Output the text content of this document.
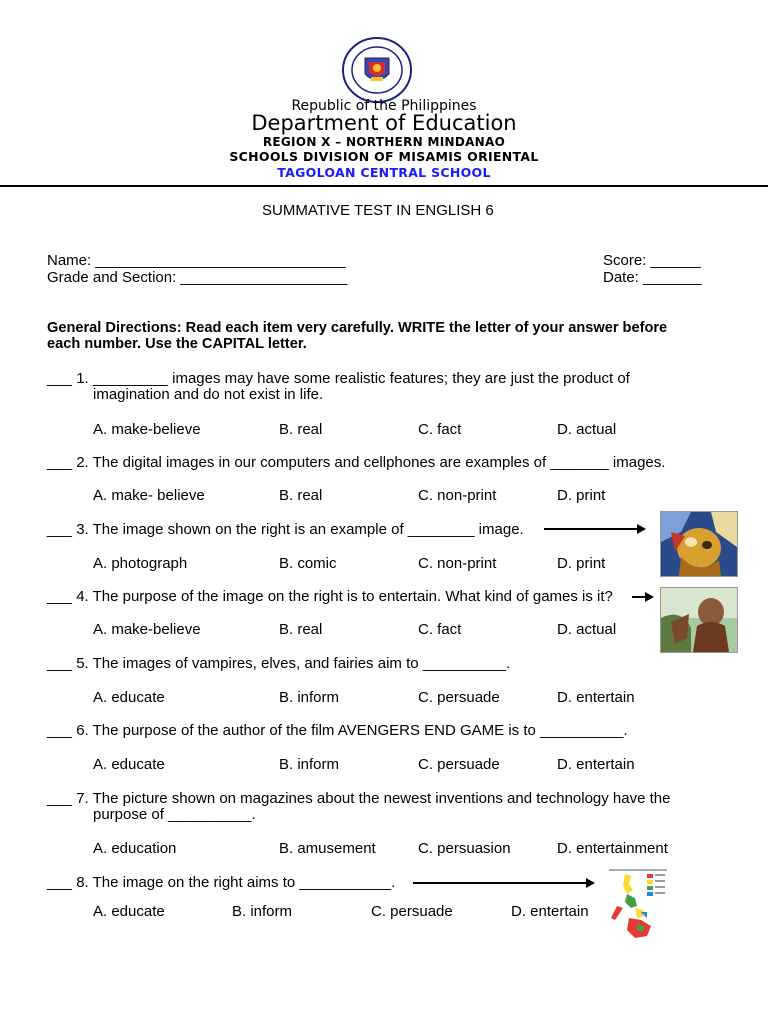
Republic of the Philippines
Department of Education
REGION X – NORTHERN MINDANAO
SCHOOLS DIVISION OF MISAMIS ORIENTAL
TAGOLOAN CENTRAL SCHOOL
SUMMATIVE TEST IN ENGLISH 6
Name: ______________________________
Grade and Section: ____________________
Score: ______
Date: _______
General Directions: Read each item very carefully. WRITE the letter of your answer before
each number. Use the CAPITAL letter.
___ 1. _________ images may have some realistic features; they are just the product of
imagination and do not exist in life.
A. make-believe	B. real	C. fact	D. actual
___ 2. The digital images in our computers and cellphones are examples of _______ images.
A. make- believe	B. real	C. non-print	D. print
___ 3. The image shown on the right is an example of ________ image.
A. photograph	B. comic	C. non-print	D. print
___ 4. The purpose of the image on the right is to entertain. What kind of games is it?
A. make-believe	B. real	C. fact	D. actual
___ 5. The images of vampires, elves, and fairies aim to __________.
A. educate	B. inform	C. persuade	D. entertain
___ 6. The purpose of the author of the film AVENGERS END GAME is to __________.
A. educate	B. inform	C. persuade	D. entertain
___ 7. The picture shown on magazines about the newest inventions and technology have the
purpose of __________.
A. education	B. amusement	C. persuasion	D. entertainment
___ 8. The image on the right aims to ___________.
A. educate	B. inform	C. persuade	D. entertain
